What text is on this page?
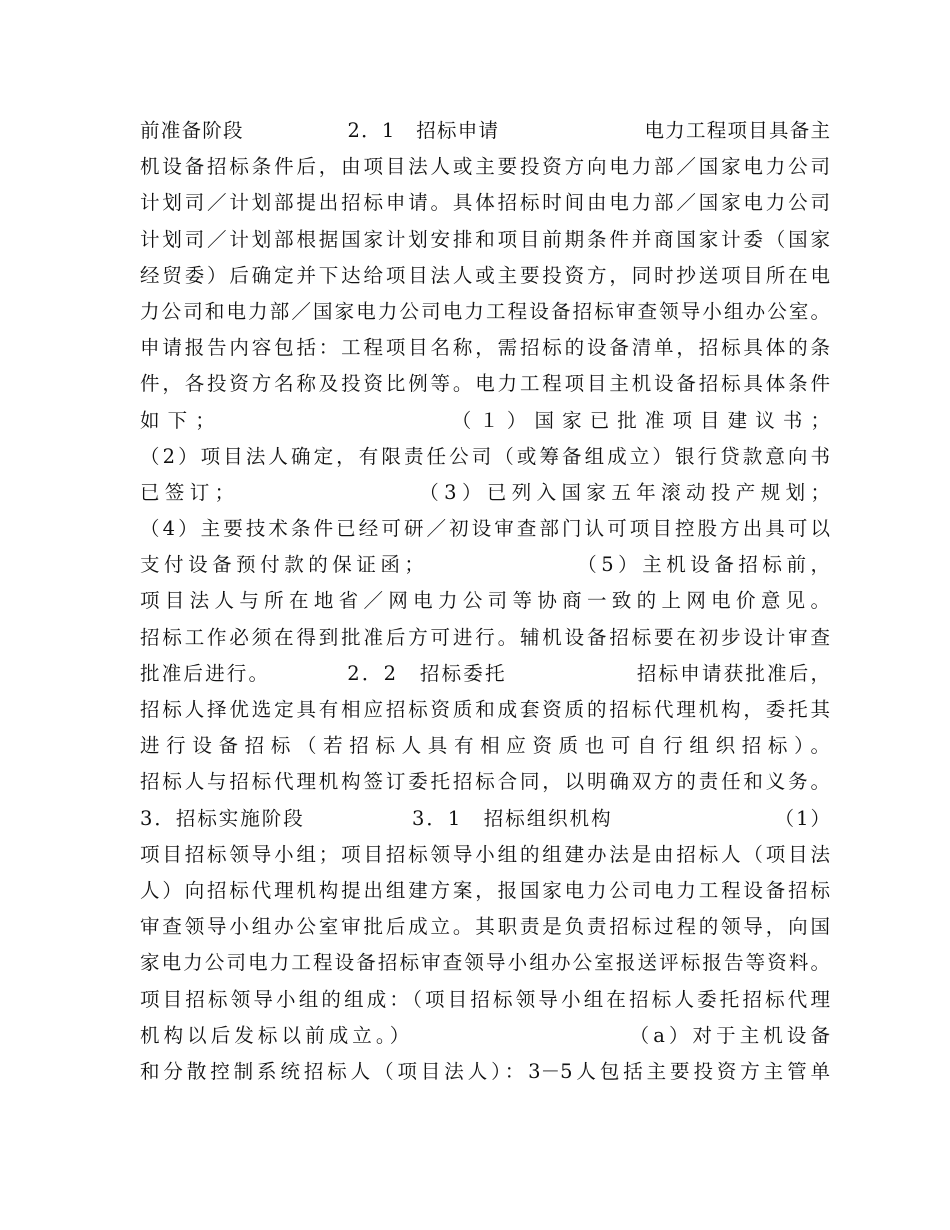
前准备阶段　　　　　2．1　招标申请　　　　　　　电力工程项目具备主
机设备招标条件后，由项目法人或主要投资方向电力部／国家电力公司
计划司／计划部提出招标申请。具体招标时间由电力部／国家电力公司
计划司／计划部根据国家计划安排和项目前期条件并商国家计委（国家
经贸委）后确定并下达给项目法人或主要投资方，同时抄送项目所在电
力公司和电力部／国家电力公司电力工程设备招标审查领导小组办公室。
申请报告内容包括：工程项目名称，需招标的设备清单，招标具体的条
件，各投资方名称及投资比例等。电力工程项目主机设备招标具体条件
如下；　　　　　　　　　（１）国家已批准项目建议书；
（2）项目法人确定，有限责任公司（或筹备组成立）银行贷款意向书
已签订；　　　　　　　　（3）已列入国家五年滚动投产规划；
（4）主要技术条件已经可研／初设审查部门认可项目控股方出具可以
支付设备预付款的保证函；　　　　　　　（5）主机设备招标前，
项目法人与所在地省／网电力公司等协商一致的上网电价意见。
招标工作必须在得到批准后方可进行。辅机设备招标要在初步设计审查
批准后进行。　　　　2．2　招标委托　　　　　　招标申请获批准后，
招标人择优选定具有相应招标资质和成套资质的招标代理机构，委托其
进行设备招标（若招标人具有相应资质也可自行组织招标）。
招标人与招标代理机构签订委托招标合同，以明确双方的责任和义务。
3．招标实施阶段　　　　　3．1　招标组织机构　　　　　　　　（1）
项目招标领导小组；项目招标领导小组的组建办法是由招标人（项目法
人）向招标代理机构提出组建方案，报国家电力公司电力工程设备招标
审查领导小组办公室审批后成立。其职责是负责招标过程的领导，向国
家电力公司电力工程设备招标审查领导小组办公室报送评标报告等资料。
项目招标领导小组的组成：（项目招标领导小组在招标人委托招标代理
机构以后发标以前成立。）　　　　　　　　　　（a）对于主机设备
和分散控制系统招标人（项目法人）：3－5人包括主要投资方主管单
